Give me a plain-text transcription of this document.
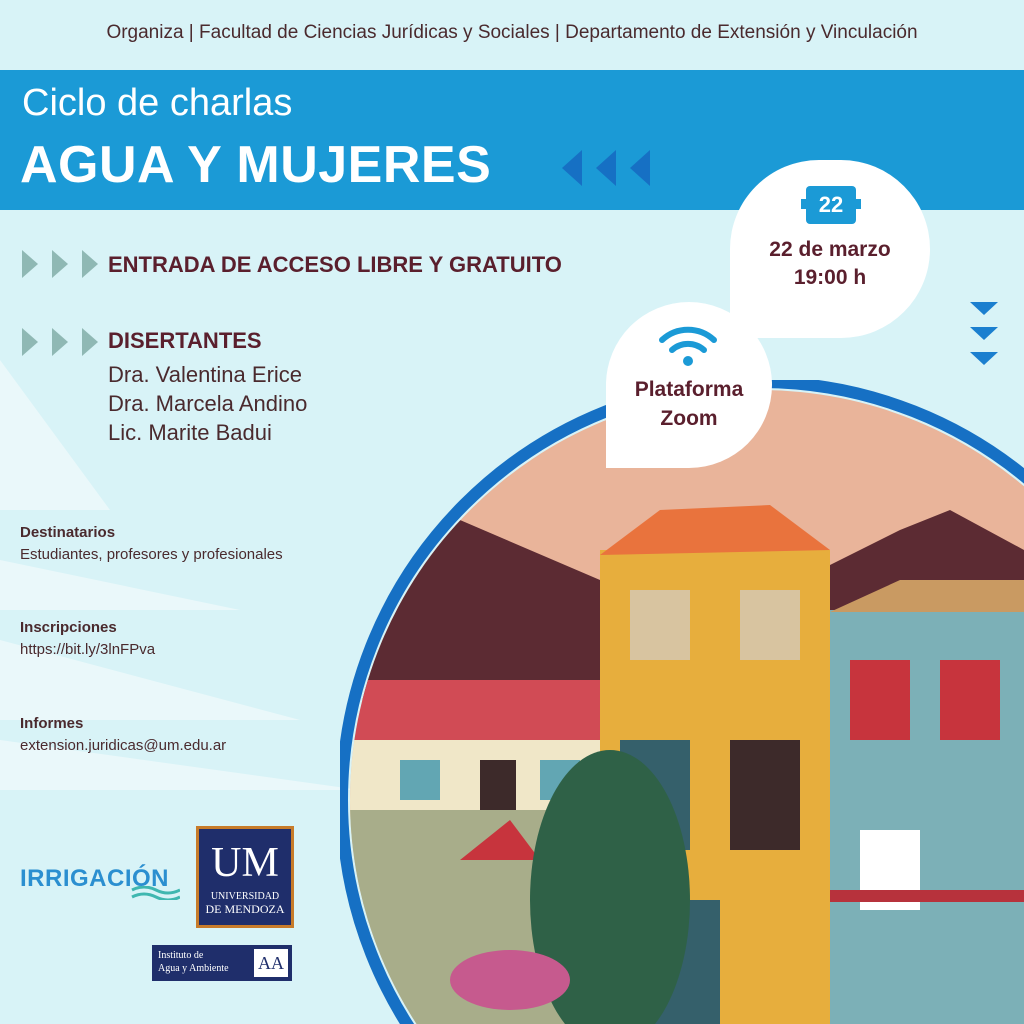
Organiza | Facultad de Ciencias Jurídicas y Sociales | Departamento de Extensión y Vinculación
Ciclo de charlas
AGUA Y MUJERES
ENTRADA DE ACCESO LIBRE Y GRATUITO
DISERTANTES
Dra. Valentina Erice
Dra. Marcela Andino
Lic. Marite Badui
22
22 de marzo
19:00 h
Plataforma
Zoom
Destinatarios
Estudiantes, profesores y profesionales
Inscripciones
https://bit.ly/3lnFPva
Informes
extension.juridicas@um.edu.ar
IRRIGACIÓN UM
UNIVERSIDAD
DE MENDOZA
Instituto de
Agua y Ambiente AA
